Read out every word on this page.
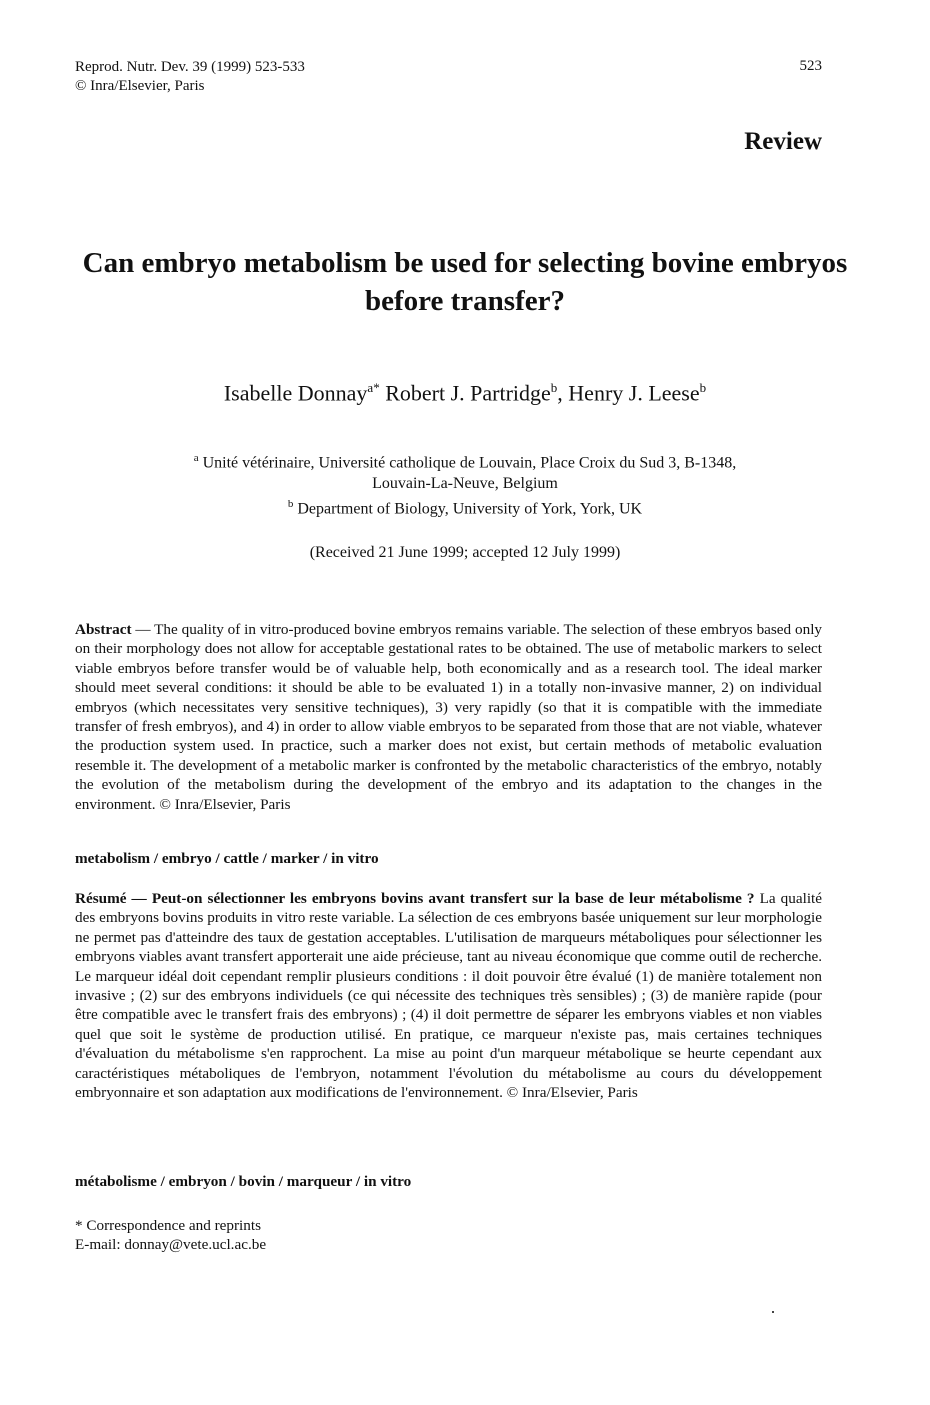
Reprod. Nutr. Dev. 39 (1999) 523-533
© Inra/Elsevier, Paris
523
Review
Can embryo metabolism be used for selecting bovine embryos before transfer?
Isabelle Donnay$^{a*}$ Robert J. Partridge$^b$, Henry J. Leese$^b$
$^a$ Unité vétérinaire, Université catholique de Louvain, Place Croix du Sud 3, B-1348,
Louvain-La-Neuve, Belgium
$^b$ Department of Biology, University of York, York, UK
(Received 21 June 1999; accepted 12 July 1999)
Abstract — The quality of in vitro-produced bovine embryos remains variable. The selection of these embryos based only on their morphology does not allow for acceptable gestational rates to be obtained. The use of metabolic markers to select viable embryos before transfer would be of valuable help, both economically and as a research tool. The ideal marker should meet several conditions: it should be able to be evaluated 1) in a totally non-invasive manner, 2) on individual embryos (which necessitates very sensitive techniques), 3) very rapidly (so that it is compatible with the immediate transfer of fresh embryos), and 4) in order to allow viable embryos to be separated from those that are not viable, whatever the production system used. In practice, such a marker does not exist, but certain methods of metabolic evaluation resemble it. The development of a metabolic marker is confronted by the metabolic characteristics of the embryo, notably the evolution of the metabolism during the development of the embryo and its adaptation to the changes in the environment. © Inra/Elsevier, Paris
metabolism / embryo / cattle / marker / in vitro
Résumé — Peut-on sélectionner les embryons bovins avant transfert sur la base de leur métabolisme ? La qualité des embryons bovins produits in vitro reste variable. La sélection de ces embryons basée uniquement sur leur morphologie ne permet pas d'atteindre des taux de gestation acceptables. L'utilisation de marqueurs métaboliques pour sélectionner les embryons viables avant transfert apporterait une aide précieuse, tant au niveau économique que comme outil de recherche. Le marqueur idéal doit cependant remplir plusieurs conditions : il doit pouvoir être évalué (1) de manière totalement non invasive ; (2) sur des embryons individuels (ce qui nécessite des techniques très sensibles) ; (3) de manière rapide (pour être compatible avec le transfert frais des embryons) ; (4) il doit permettre de séparer les embryons viables et non viables quel que soit le système de production utilisé. En pratique, ce marqueur n'existe pas, mais certaines techniques d'évaluation du métabolisme s'en rapprochent. La mise au point d'un marqueur métabolique se heurte cependant aux caractéristiques métaboliques de l'embryon, notamment l'évolution du métabolisme au cours du développement embryonnaire et son adaptation aux modifications de l'environnement. © Inra/Elsevier, Paris
métabolisme / embryon / bovin / marqueur / in vitro
* Correspondence and reprints
E-mail: donnay@vete.ucl.ac.be
